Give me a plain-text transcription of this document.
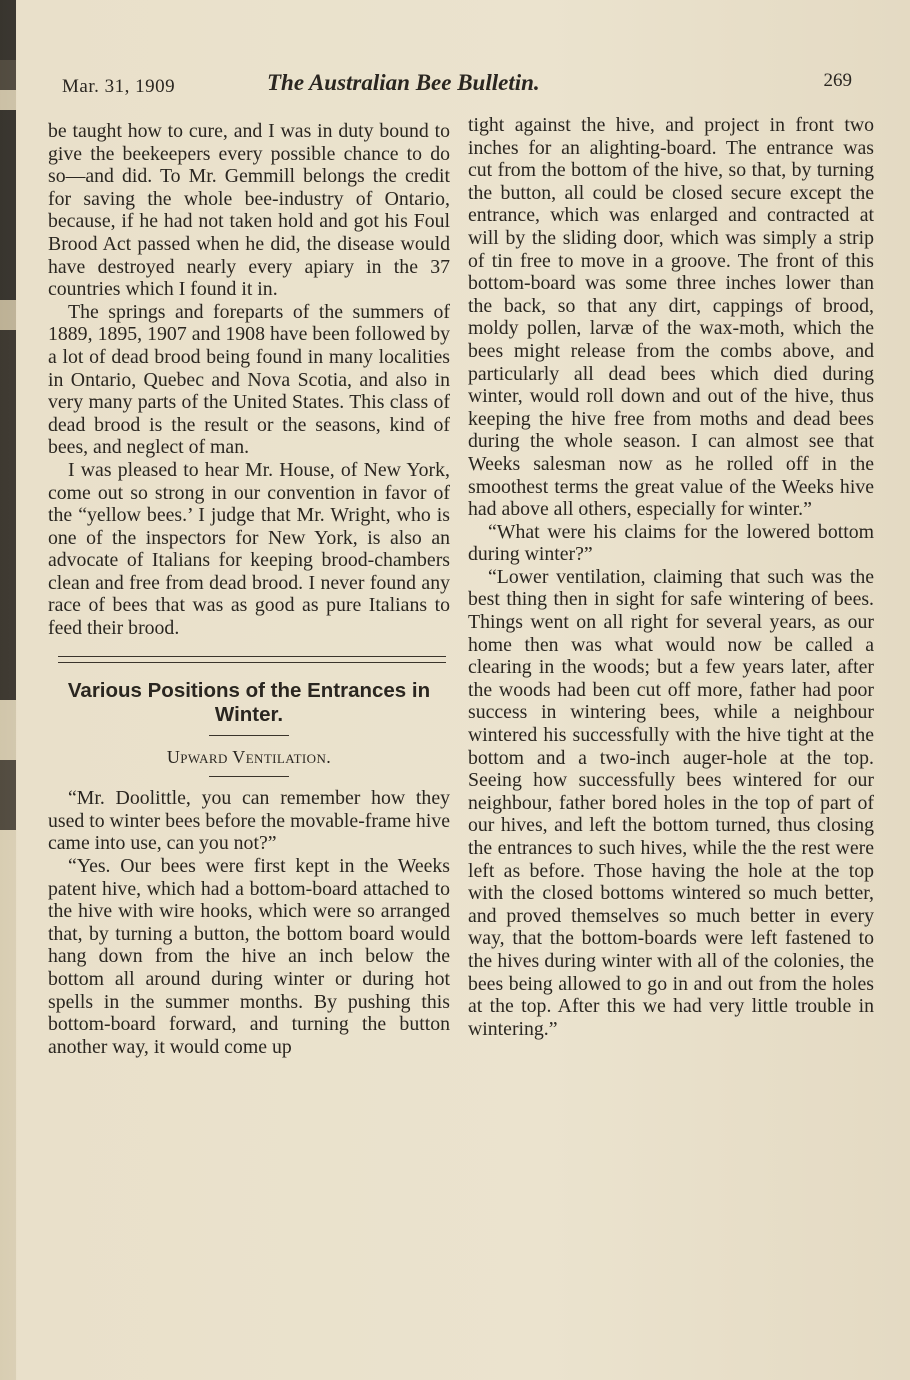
Mar. 31, 1909	The Australian Bee Bulletin.	269

be taught how to cure, and I was in duty bound to give the beekeepers every possible chance to do so—and did. To Mr. Gemmill belongs the credit for saving the whole bee-industry of Ontario, because, if he had not taken hold and got his Foul Brood Act passed when he did, the disease would have destroyed nearly every apiary in the 37 countries which I found it in.

The springs and foreparts of the summers of 1889, 1895, 1907 and 1908 have been followed by a lot of dead brood being found in many localities in Ontario, Quebec and Nova Scotia, and also in very many parts of the United States. This class of dead brood is the result or the seasons, kind of bees, and neglect of man.

I was pleased to hear Mr. House, of New York, come out so strong in our convention in favor of the “yellow bees.’ I judge that Mr. Wright, who is one of the inspectors for New York, is also an advocate of Italians for keeping brood-chambers clean and free from dead brood. I never found any race of bees that was as good as pure Italians to feed their brood.

Various Positions of the Entrances in Winter.
Upward Ventilation.

“Mr. Doolittle, you can remember how they used to winter bees before the movable-frame hive came into use, can you not?”

“Yes. Our bees were first kept in the Weeks patent hive, which had a bottom-board attached to the hive with wire hooks, which were so arranged that, by turning a button, the bottom board would hang down from the hive an inch below the bottom all around during winter or during hot spells in the summer months. By pushing this bottom-board forward, and turning the button another way, it would come up

tight against the hive, and project in front two inches for an alighting-board. The entrance was cut from the bottom of the hive, so that, by turning the button, all could be closed secure except the entrance, which was enlarged and contracted at will by the sliding door, which was simply a strip of tin free to move in a groove. The front of this bottom-board was some three inches lower than the back, so that any dirt, cappings of brood, moldy pollen, larvæ of the wax-moth, which the bees might release from the combs above, and particularly all dead bees which died during winter, would roll down and out of the hive, thus keeping the hive free from moths and dead bees during the whole season. I can almost see that Weeks salesman now as he rolled off in the smoothest terms the great value of the Weeks hive had above all others, especially for winter.”

“What were his claims for the lowered bottom during winter?”

“Lower ventilation, claiming that such was the best thing then in sight for safe wintering of bees. Things went on all right for several years, as our home then was what would now be called a clearing in the woods; but a few years later, after the woods had been cut off more, father had poor success in wintering bees, while a neighbour wintered his successfully with the hive tight at the bottom and a two-inch auger-hole at the top. Seeing how successfully bees wintered for our neighbour, father bored holes in the top of part of our hives, and left the bottom turned, thus closing the entrances to such hives, while the the rest were left as before. Those having the hole at the top with the closed bottoms wintered so much better, and proved themselves so much better in every way, that the bottom-boards were left fastened to the hives during winter with all of the colonies, the bees being allowed to go in and out from the holes at the top. After this we had very little trouble in wintering.”
